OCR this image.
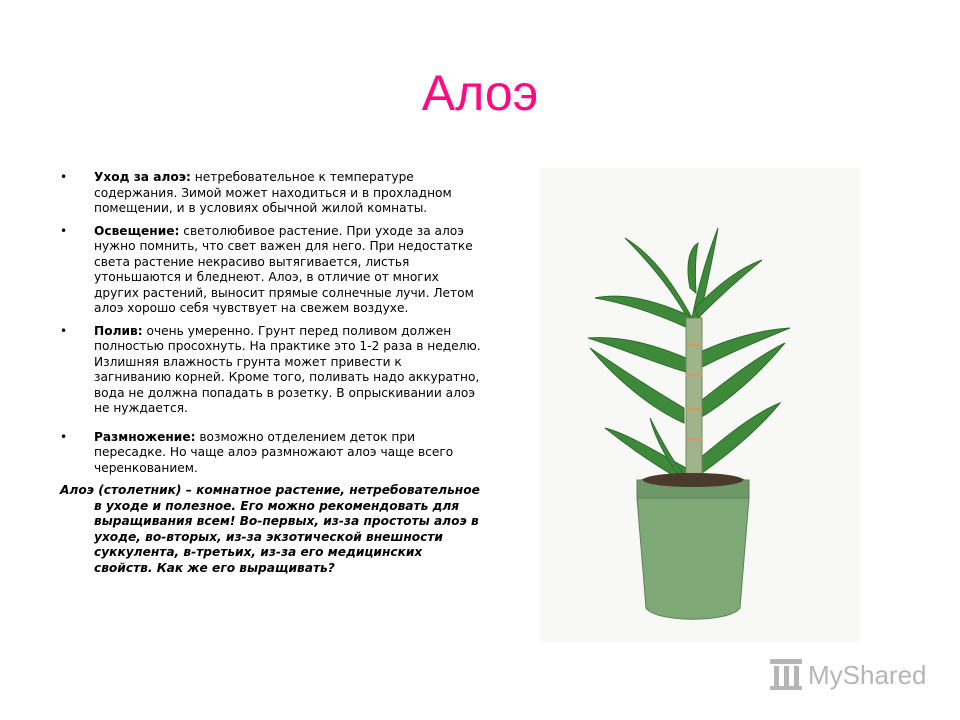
Алоэ
• Уход за алоэ: нетребовательное к температуре содержания. Зимой может находиться и в прохладном помещении, и в условиях обычной жилой комнаты.
• Освещение: светолюбивое растение. При уходе за алоэ нужно помнить, что свет важен для него. При недостатке света растение некрасиво вытягивается, листья утоньшаются и бледнеют. Алоэ, в отличие от многих других растений, выносит прямые солнечные лучи. Летом алоэ хорошо себя чувствует на свежем воздухе.
• Полив: очень умеренно. Грунт перед поливом должен полностью просохнуть. На практике это 1-2 раза в неделю. Излишняя влажность грунта может привести к загниванию корней. Кроме того, поливать надо аккуратно, вода не должна попадать в розетку. В опрыскивании алоэ не нуждается.
• Размножение: возможно отделением деток при пересадке. Но чаще алоэ размножают алоэ чаще всего черенкованием.
Алоэ (столетник) – комнатное растение, нетребовательное в уходе и полезное. Его можно рекомендовать для выращивания всем! Во-первых, из-за простоты алоэ в уходе, во-вторых, из-за экзотической внешности суккулента, в-третьих, из-за его медицинских свойств. Как же его выращивать?
MyShared
